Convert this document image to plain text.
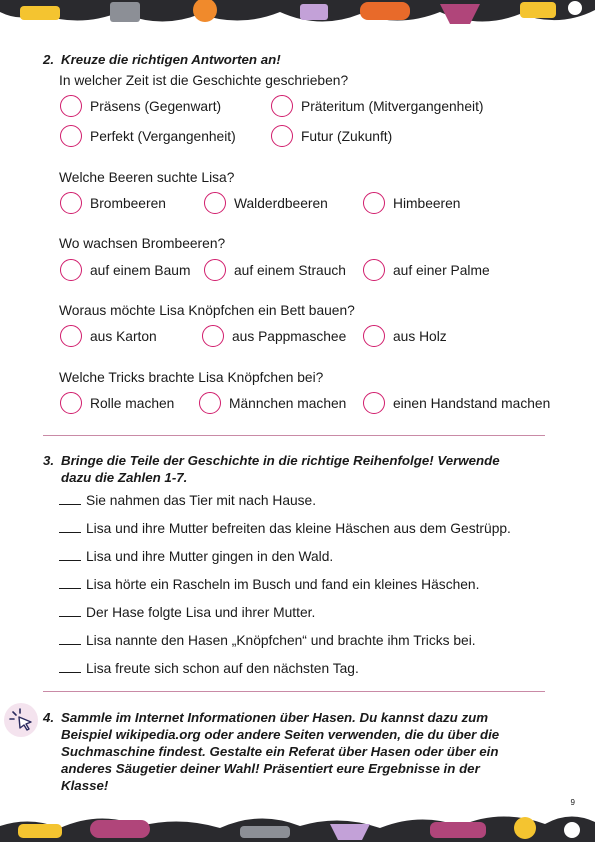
2. Kreuze die richtigen Antworten an!
In welcher Zeit ist die Geschichte geschrieben?
Präsens (Gegenwart)	Präteritum (Mitvergangenheit)
Perfekt (Vergangenheit)	Futur (Zukunft)
Welche Beeren suchte Lisa?
Brombeeren	Walderdbeeren	Himbeeren
Wo wachsen Brombeeren?
auf einem Baum	auf einem Strauch	auf einer Palme
Woraus möchte Lisa Knöpfchen ein Bett bauen?
aus Karton	aus Pappmaschee	aus Holz
Welche Tricks brachte Lisa Knöpfchen bei?
Rolle machen	Männchen machen	einen Handstand machen
3. Bringe die Teile der Geschichte in die richtige Reihenfolge! Verwende dazu die Zahlen 1-7.
Sie nahmen das Tier mit nach Hause.
Lisa und ihre Mutter befreiten das kleine Häschen aus dem Gestrüpp.
Lisa und ihre Mutter gingen in den Wald.
Lisa hörte ein Rascheln im Busch und fand ein kleines Häschen.
Der Hase folgte Lisa und ihrer Mutter.
Lisa nannte den Hasen „Knöpfchen“ und brachte ihm Tricks bei.
Lisa freute sich schon auf den nächsten Tag.
4. Sammle im Internet Informationen über Hasen. Du kannst dazu zum Beispiel wikipedia.org oder andere Seiten verwenden, die du über die Suchmaschine findest. Gestalte ein Referat über Hasen oder über ein anderes Säugetier deiner Wahl! Präsentiert eure Ergebnisse in der Klasse!
9
